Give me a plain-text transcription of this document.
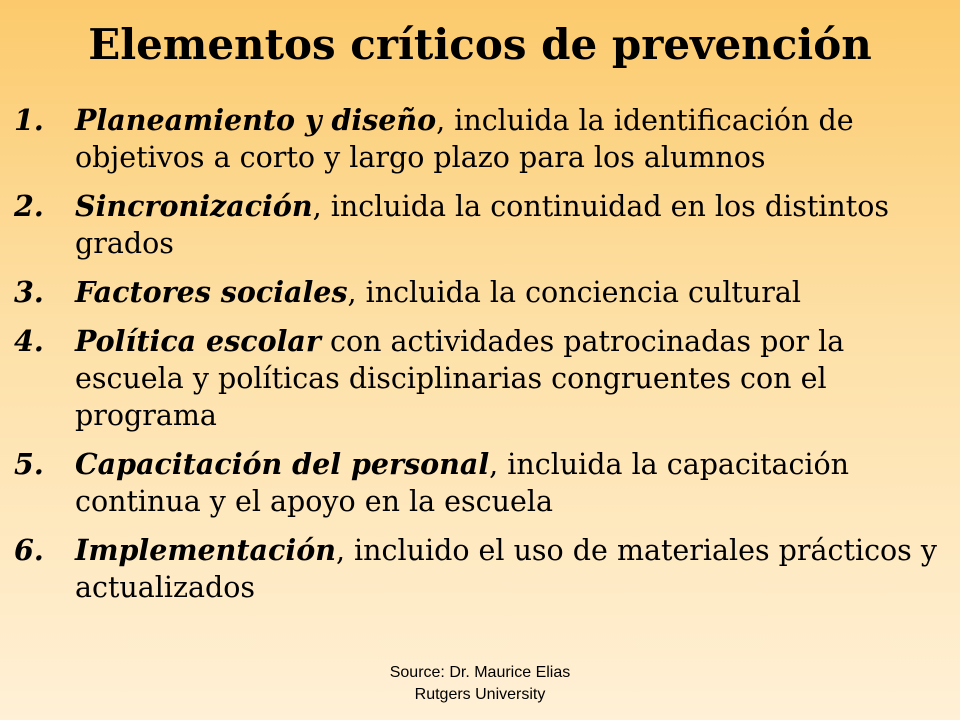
Elementos críticos de prevención
1.	Planeamiento y diseño, incluida la identificación de objetivos a corto y largo plazo para los alumnos
2.	Sincronización, incluida la continuidad en los distintos grados
3.	Factores sociales, incluida la conciencia cultural
4.	Política escolar con actividades patrocinadas por la escuela y políticas disciplinarias congruentes con el programa
5.	Capacitación del personal, incluida la capacitación continua y el apoyo en la escuela
6.	Implementación, incluido el uso de materiales prácticos y actualizados
Source: Dr. Maurice Elias
Rutgers University
